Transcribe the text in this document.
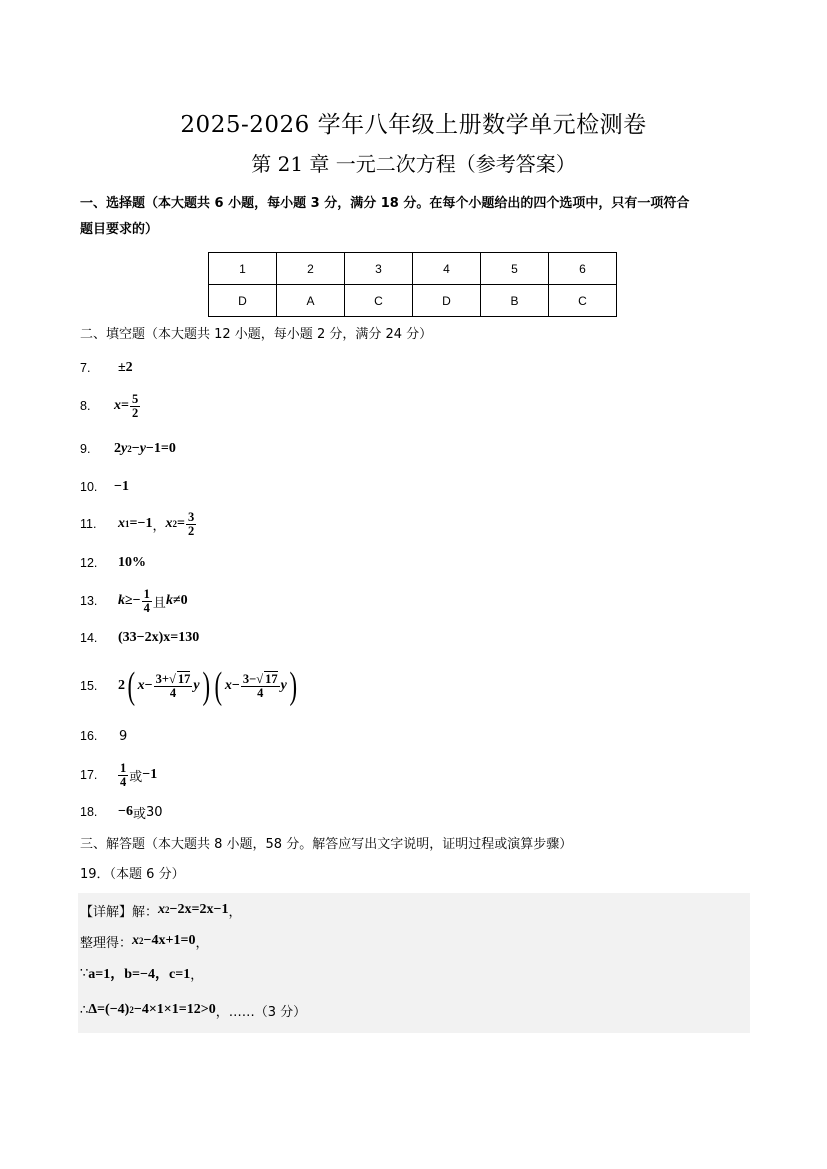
2025-2026 学年八年级上册数学单元检测卷
第 21 章 一元二次方程（参考答案）
一、选择题（本大题共 6 小题，每小题 3 分，满分 18 分。在每个小题给出的四个选项中，只有一项符合
题目要求的）
1	2	3	4	5	6
D	A	C	D	B	C
二、填空题（本大题共 12 小题，每小题 2 分，满分 24 分）
7.	±2
8.	$x = \frac{5}{2}$
9.	2 y 2 − y −1=0
10.	−1
11.	x 1 =−1 ， x $2 = \frac{3}{2}$
12.	10%
13.	$k \ge- \frac{1}{4}$ 且 k ≠0
14.	(33−2x)x=130
15.	2 ( $x - \frac{3+√ 17}{4}$ y ) ( $x - \frac{3-√ 17}{4}$ y )
16.	9
17.	$\frac{1}{4}$ 或 −1
18.	−6 或 30
三、解答题（本大题共 8 小题，58 分。解答应写出文字说明，证明过程或演算步骤）
19．（本题 6 分）
【详解】解： x 2 −2x=2x−1 ，
整理得： x 2 −4x+1=0 ，
∵ a=1，b=−4，c=1 ，
∴ Δ=(−4) 2 −4×1×1=12>0 ，……（3 分）
